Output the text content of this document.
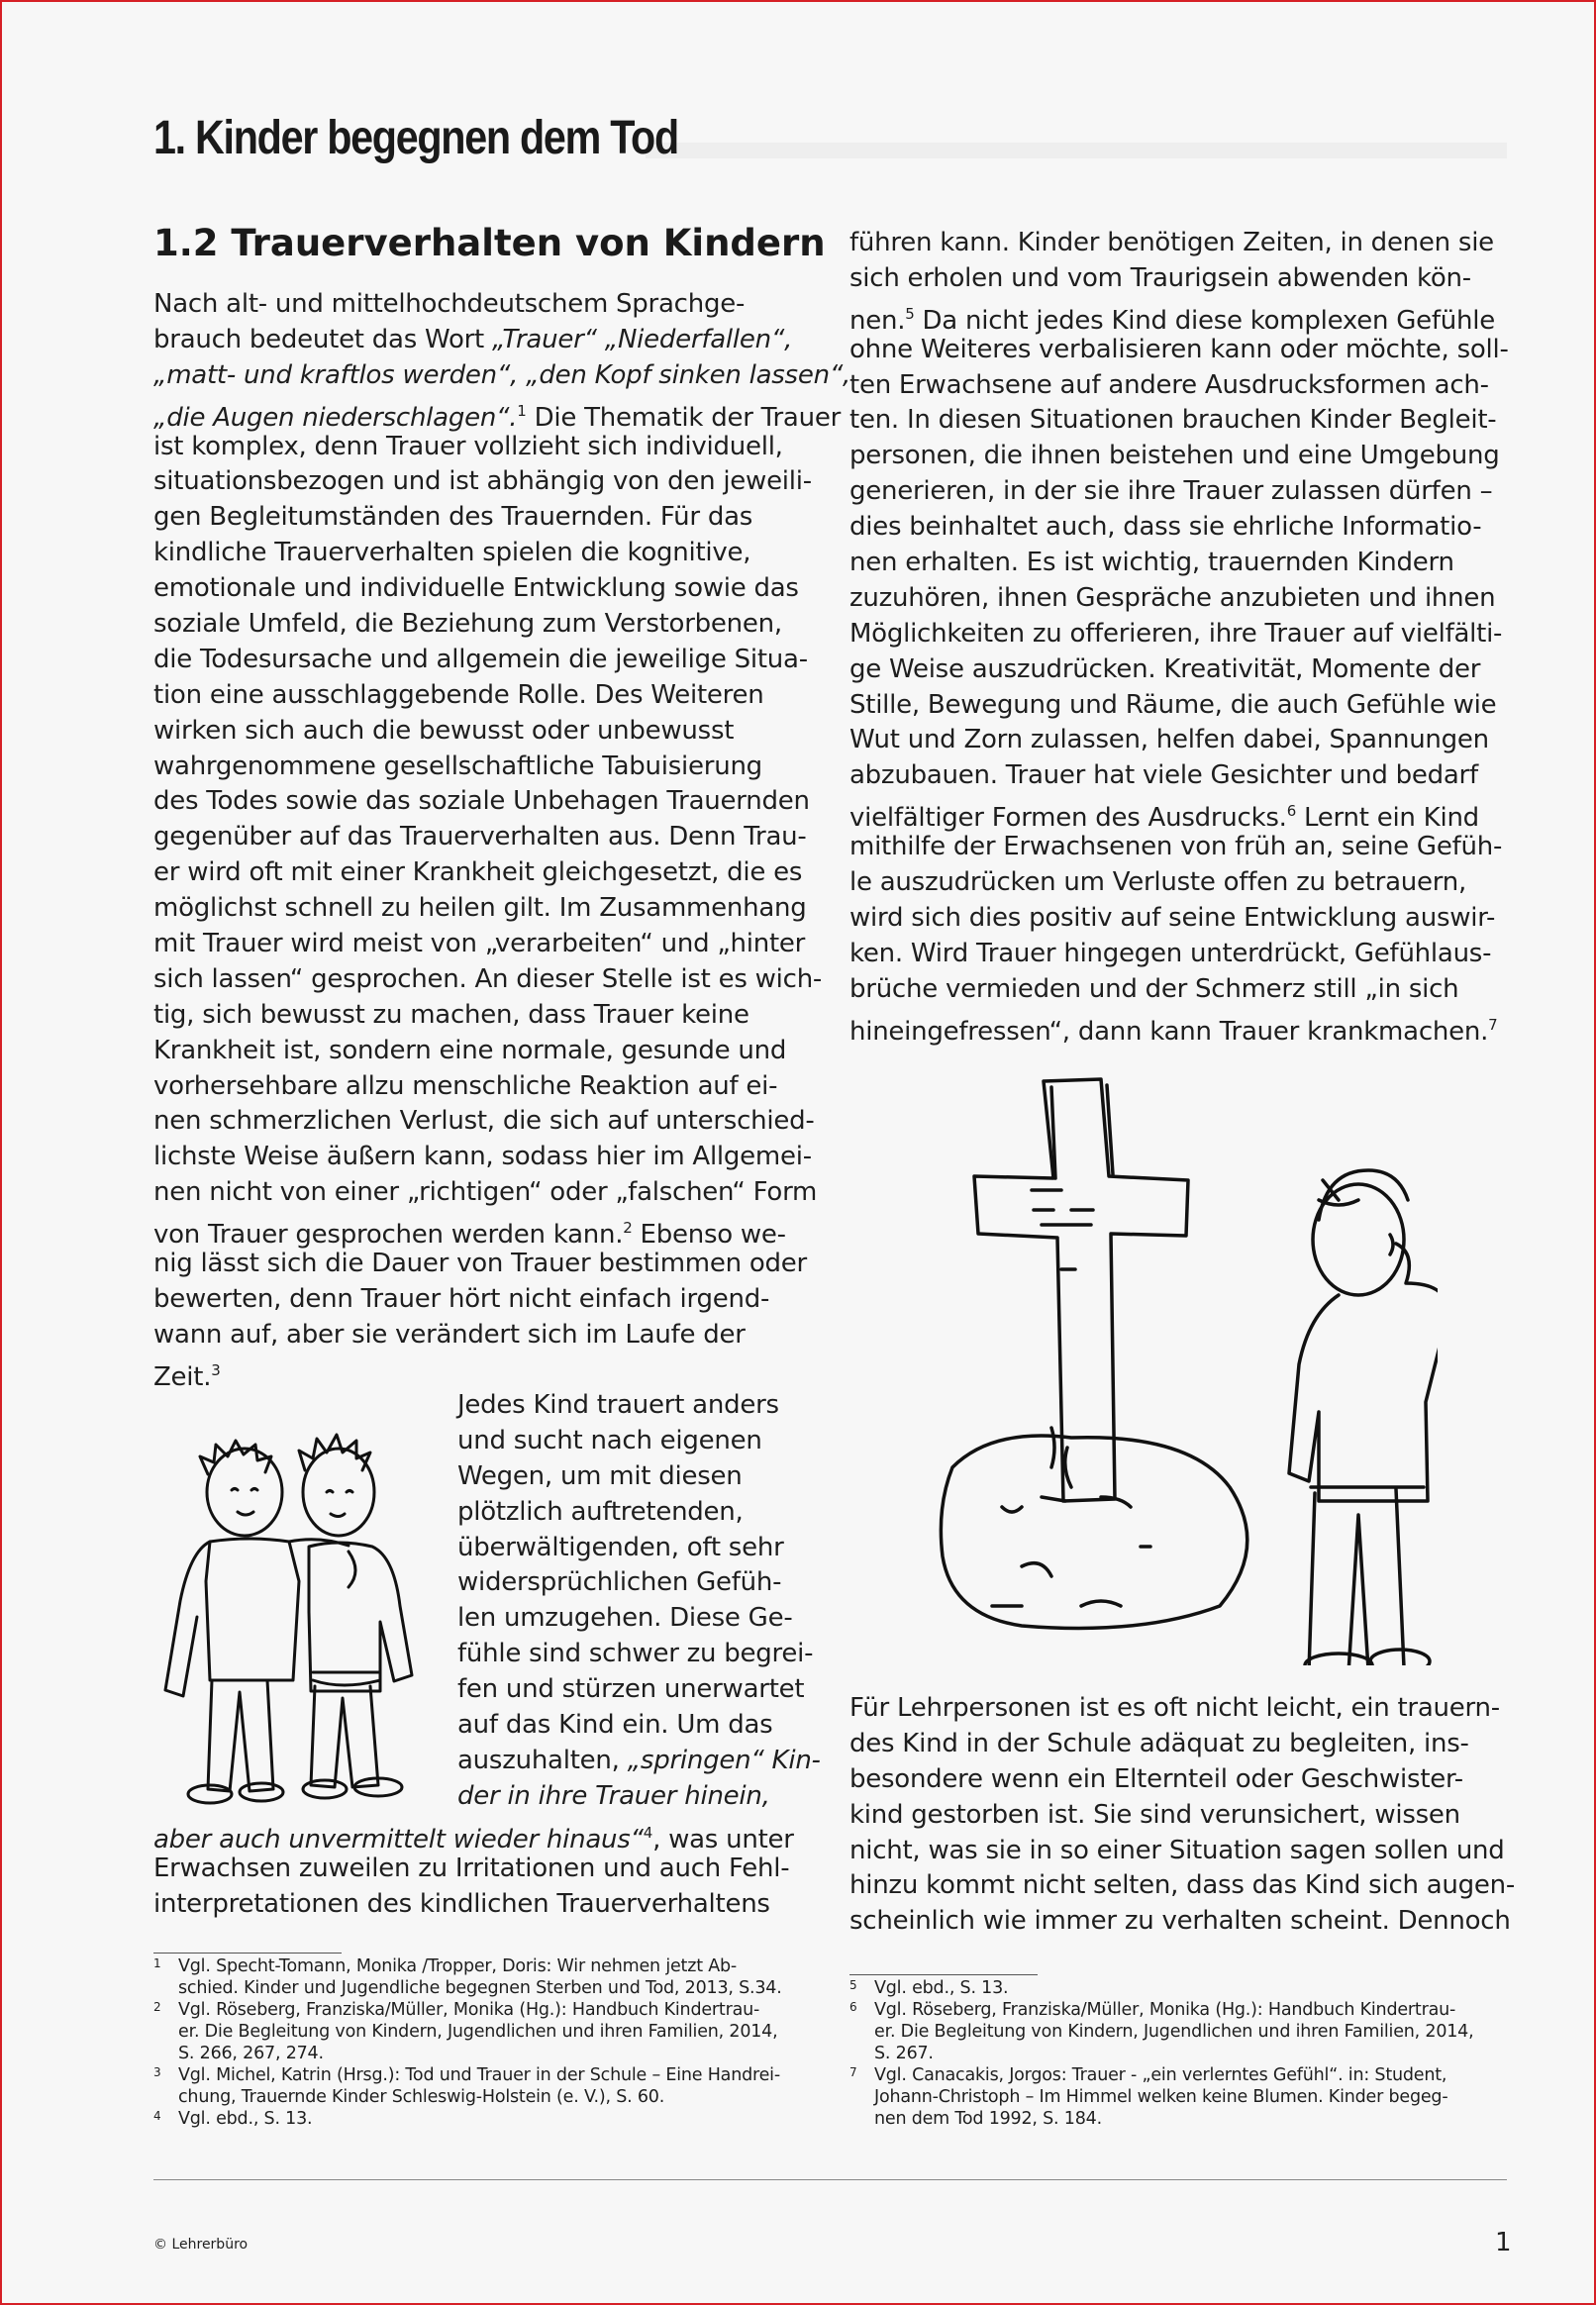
1. Kinder begegnen dem Tod
1.2 Trauerverhalten von Kindern
Nach alt- und mittelhochdeutschem Sprachge-
brauch bedeutet das Wort „Trauer“ „Niederfallen“,
„matt- und kraftlos werden“, „den Kopf sinken lassen“,
„die Augen niederschlagen“.$^1$ Die Thematik der Trauer
ist komplex, denn Trauer vollzieht sich individuell,
situationsbezogen und ist abhängig von den jeweili-
gen Begleitumständen des Trauernden. Für das
kindliche Trauerverhalten spielen die kognitive,
emotionale und individuelle Entwicklung sowie das
soziale Umfeld, die Beziehung zum Verstorbenen,
die Todesursache und allgemein die jeweilige Situa-
tion eine ausschlaggebende Rolle. Des Weiteren
wirken sich auch die bewusst oder unbewusst
wahrgenommene gesellschaftliche Tabuisierung
des Todes sowie das soziale Unbehagen Trauernden
gegenüber auf das Trauerverhalten aus. Denn Trau-
er wird oft mit einer Krankheit gleichgesetzt, die es
möglichst schnell zu heilen gilt. Im Zusammenhang
mit Trauer wird meist von „verarbeiten“ und „hinter
sich lassen“ gesprochen. An dieser Stelle ist es wich-
tig, sich bewusst zu machen, dass Trauer keine
Krankheit ist, sondern eine normale, gesunde und
vorhersehbare allzu menschliche Reaktion auf ei-
nen schmerzlichen Verlust, die sich auf unterschied-
lichste Weise äußern kann, sodass hier im Allgemei-
nen nicht von einer „richtigen“ oder „falschen“ Form
von Trauer gesprochen werden kann.$^2$ Ebenso we-
nig lässt sich die Dauer von Trauer bestimmen oder
bewerten, denn Trauer hört nicht einfach irgend-
wann auf, aber sie verändert sich im Laufe der
Zeit.$^3$
Jedes Kind trauert anders
und sucht nach eigenen
Wegen, um mit diesen
plötzlich auftretenden,
überwältigenden, oft sehr
widersprüchlichen Gefüh-
len umzugehen. Diese Ge-
fühle sind schwer zu begrei-
fen und stürzen unerwartet
auf das Kind ein. Um das
auszuhalten, „springen“ Kin-
der in ihre Trauer hinein,
aber auch unvermittelt wieder hinaus“$^4$, was unter
Erwachsen zuweilen zu Irritationen und auch Fehl-
interpretationen des kindlichen Trauerverhaltens
führen kann. Kinder benötigen Zeiten, in denen sie
sich erholen und vom Traurigsein abwenden kön-
nen.$^5$ Da nicht jedes Kind diese komplexen Gefühle
ohne Weiteres verbalisieren kann oder möchte, soll-
ten Erwachsene auf andere Ausdrucksformen ach-
ten. In diesen Situationen brauchen Kinder Begleit-
personen, die ihnen beistehen und eine Umgebung
generieren, in der sie ihre Trauer zulassen dürfen –
dies beinhaltet auch, dass sie ehrliche Informatio-
nen erhalten. Es ist wichtig, trauernden Kindern
zuzuhören, ihnen Gespräche anzubieten und ihnen
Möglichkeiten zu offerieren, ihre Trauer auf vielfälti-
ge Weise auszudrücken. Kreativität, Momente der
Stille, Bewegung und Räume, die auch Gefühle wie
Wut und Zorn zulassen, helfen dabei, Spannungen
abzubauen. Trauer hat viele Gesichter und bedarf
vielfältiger Formen des Ausdrucks.$^6$ Lernt ein Kind
mithilfe der Erwachsenen von früh an, seine Gefüh-
le auszudrücken um Verluste offen zu betrauern,
wird sich dies positiv auf seine Entwicklung auswir-
ken. Wird Trauer hingegen unterdrückt, Gefühlaus-
brüche vermieden und der Schmerz still „in sich
hineingefressen“, dann kann Trauer krankmachen.$^7$
Für Lehrpersonen ist es oft nicht leicht, ein trauern-
des Kind in der Schule adäquat zu begleiten, ins-
besondere wenn ein Elternteil oder Geschwister-
kind gestorben ist. Sie sind verunsichert, wissen
nicht, was sie in so einer Situation sagen sollen und
hinzu kommt nicht selten, dass das Kind sich augen-
scheinlich wie immer zu verhalten scheint. Dennoch
1 Vgl. Specht-Tomann, Monika /Tropper, Doris: Wir nehmen jetzt Ab-
schied. Kinder und Jugendliche begegnen Sterben und Tod, 2013, S.34.
2 Vgl. Röseberg, Franziska/Müller, Monika (Hg.): Handbuch Kindertrau-
er. Die Begleitung von Kindern, Jugendlichen und ihren Familien, 2014,
S. 266, 267, 274.
3 Vgl. Michel, Katrin (Hrsg.): Tod und Trauer in der Schule – Eine Handrei-
chung, Trauernde Kinder Schleswig-Holstein (e. V.), S. 60.
4 Vgl. ebd., S. 13.
5 Vgl. ebd., S. 13.
6 Vgl. Röseberg, Franziska/Müller, Monika (Hg.): Handbuch Kindertrau-
er. Die Begleitung von Kindern, Jugendlichen und ihren Familien, 2014,
S. 267.
7 Vgl. Canacakis, Jorgos: Trauer - „ein verlerntes Gefühl“. in: Student,
Johann-Christoph – Im Himmel welken keine Blumen. Kinder begeg-
nen dem Tod 1992, S. 184.
© Lehrerbüro	1
